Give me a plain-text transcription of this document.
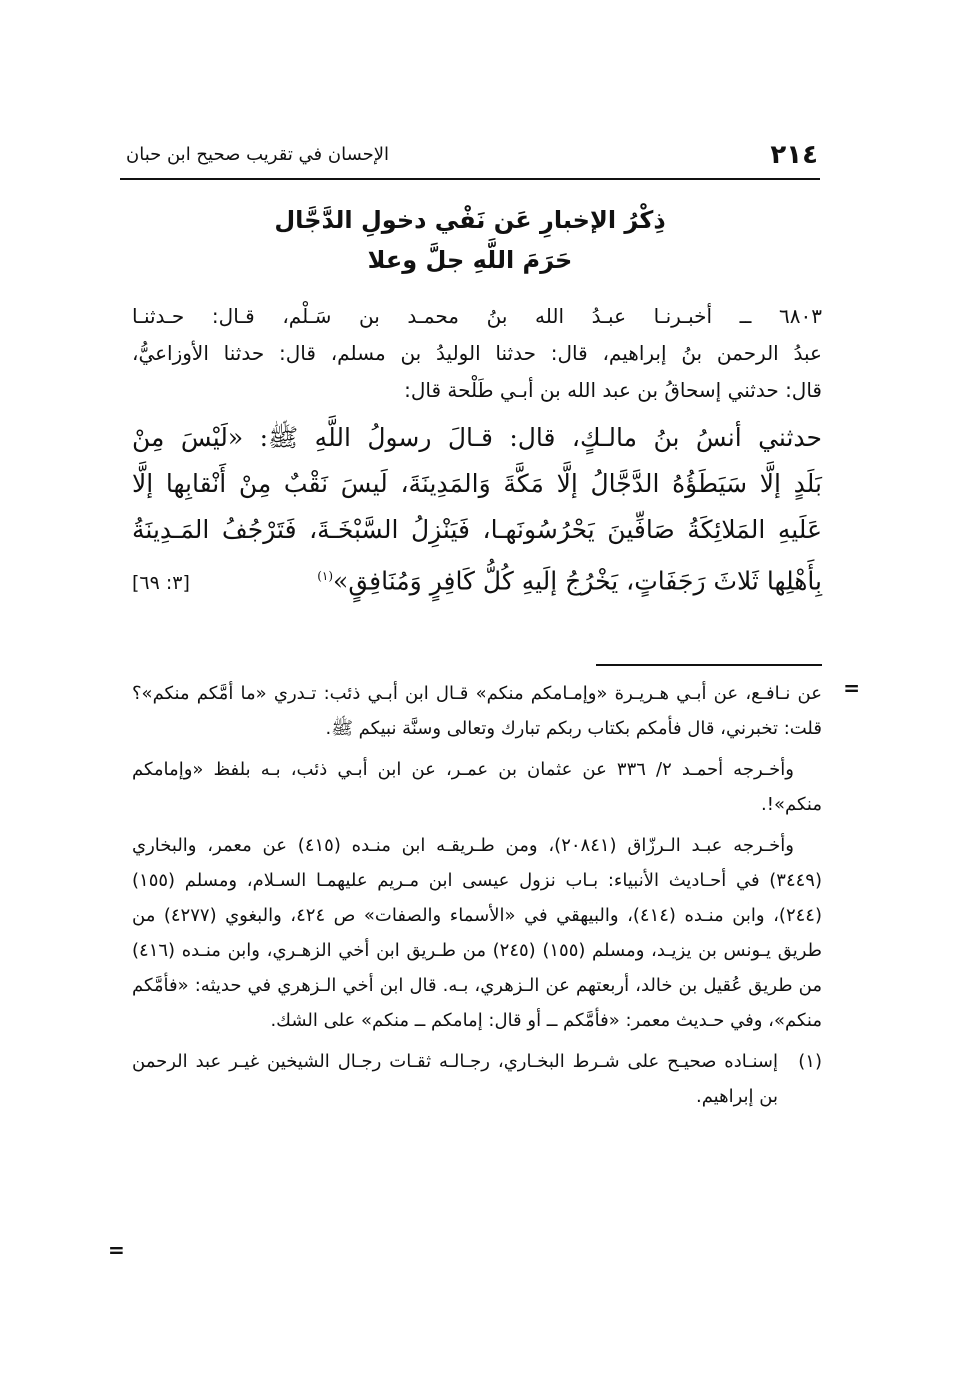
٢١٤
الإحسان في تقريب صحيح ابن حبان
ذِكْرُ الإخبارِ عَن نَفْي دخولِ الدَّجَّال
حَرَمَ اللَّهِ جلَّ وعلا

٦٨٠٣ ــ أخبـرنـا عبـدُ الله بنُ محمـد بن سَـلْم، قـال: حـدثنـا

عبدُ الرحمن بنُ إبراهيم، قال: حدثنا الوليدُ بن مسلم، قال: حدثنا الأوزاعيُّ،

قال: حدثني إسحاقُ بن عبد الله بن أبـي طَلْحة قال:

حدثني أنسُ بنُ مالـكٍ، قال: قـالَ رسولُ اللَّهِ ﷺ: «لَيْسَ مِنْ
بَلَدٍ إلَّا سَيَطَؤُهُ الدَّجَّالُ إلَّا مَكَّةَ وَالمَدِينَةَ، لَيسَ نَقْبٌ مِنْ أَنْقابِها إلَّا
عَلَيهِ المَلائِكَةُ صَافِّينَ يَحْرُسُونَهـا، فَيَنْزِلُ السَّبْخَـةَ، فَتَرْجُفُ المَـدِينَةُ
بِأَهْلِها ثَلاثَ رَجَفَاتٍ، يَخْرُجُ إلَيهِ كُلُّ كَافِرٍ وَمُنَافِقٍ»$^{(١)}$
[٣: ٦٩]
=

عن نـافـع، عن أبـي هـريـرة «وإمـامكم منكم» قـال ابن أبـي ذئب: تـدري «ما أمَّكم منكم»؟ قلت: تخبرني، قال فأمكم بكتاب ربكم تبارك وتعالى وسنَّة نبيكم ﷺ.

وأخـرجه أحمـد ٢/ ٣٣٦ عن عثمان بن عمـر، عن ابن أبـي ذئب، بـه بلفظ «وإمامكم منكم»!.

وأخـرجه عبـد الـرزّاق (٢٠٨٤١)، ومن طـريقـه ابن منـده (٤١٥) عن معمر، والبخاري (٣٤٤٩) في أحـاديث الأنبياء: بـاب نزول عيسى ابن مـريم عليهمـا السـلام، ومسلم (١٥٥) (٢٤٤)، وابن منـده (٤١٤)، والبيهقي في «الأسماء والصفات» ص ٤٢٤، والبغوي (٤٢٧٧) من طريق يـونس بن يزيـد، ومسلم (١٥٥) (٢٤٥) من طـريق ابن أخي الزهـري، وابن منـده (٤١٦) من طريق عُقيل بن خالد، أربعتهم عن الـزهري، بـه. قال ابن أخي الـزهري في حديثه: «فأمَّكم منكم»، وفي حـديث معمر: «فأمَّكم ــ أو قال: إمامكم ــ منكم» على الشك.

(١)
إسنـاده صحيـح على شـرط البخـاري، رجـالـه ثقـات رجـال الشيخين غيـر عبد الرحمن بن إبراهيم.
=
